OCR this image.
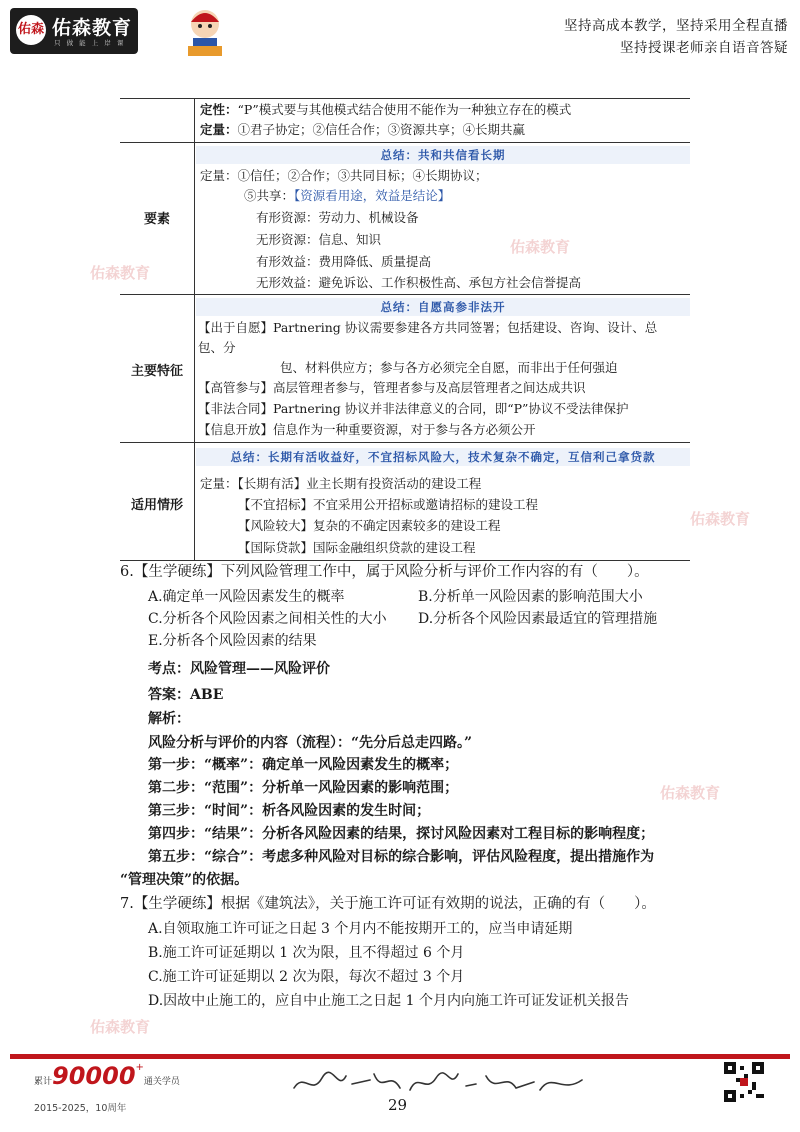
佑森 佑森教育
只 做 能 上 岸 课
坚持高成本教学，坚持采用全程直播
坚持授课老师亲自语音答疑
佑森教育
佑森教育
佑森教育
佑森教育
佑森教育
定性：“P”模式要与其他模式结合使用不能作为一种独立存在的模式
定量：①君子协定；②信任合作；③资源共享；④长期共赢
总结：共和共信看长期
要素
定量：①信任；②合作；③共同目标；④长期协议；
⑤共享：【资源看用途，效益是结论】
有形资源：劳动力、机械设备
无形资源：信息、知识
有形效益：费用降低、质量提高
无形效益：避免诉讼、工作积极性高、承包方社会信誉提高
总结：自愿高参非法开
主要特征
【出于自愿】Partnering 协议需要参建各方共同签署；包括建设、咨询、设计、总
包、分
包、材料供应方；参与各方必须完全自愿，而非出于任何强迫
【高管参与】高层管理者参与，管理者参与及高层管理者之间达成共识
【非法合同】Partnering 协议并非法律意义的合同，即“P”协议不受法律保护
【信息开放】信息作为一种重要资源，对于参与各方必须公开
总结：长期有活收益好，不宜招标风险大，技术复杂不确定，互信利己拿贷款
适用情形
定量：【长期有活】业主长期有投资活动的建设工程
【不宜招标】不宜采用公开招标或邀请招标的建设工程
【风险较大】复杂的不确定因素较多的建设工程
【国际贷款】国际金融组织贷款的建设工程
6.【生学硬练】下列风险管理工作中，属于风险分析与评价工作内容的有（　　）。
A.确定单一风险因素发生的概率	B.分析单一风险因素的影响范围大小
C.分析各个风险因素之间相关性的大小 D.分析各个风险因素最适宜的管理措施
E.分析各个风险因素的结果
考点：风险管理——风险评价
答案：ABE
解析：
风险分析与评价的内容（流程）：“先分后总走四路。”
第一步：“概率”：确定单一风险因素发生的概率；
第二步：“范围”：分析单一风险因素的影响范围；
第三步：“时间”：析各风险因素的发生时间；
第四步：“结果”：分析各风险因素的结果，探讨风险因素对工程目标的影响程度；
第五步：“综合”：考虑多种风险对目标的综合影响，评估风险程度，提出措施作为
“管理决策”的依据。
7.【生学硬练】根据《建筑法》，关于施工许可证有效期的说法，正确的有（　　）。
A.自领取施工许可证之日起 3 个月内不能按期开工的，应当申请延期
B.施工许可证延期以 1 次为限，且不得超过 6 个月
C.施工许可证延期以 2 次为限，每次不超过 3 个月
D.因故中止施工的，应自中止施工之日起 1 个月内向施工许可证发证机关报告
累计90000+通关学员
2015-2025，10周年	29
